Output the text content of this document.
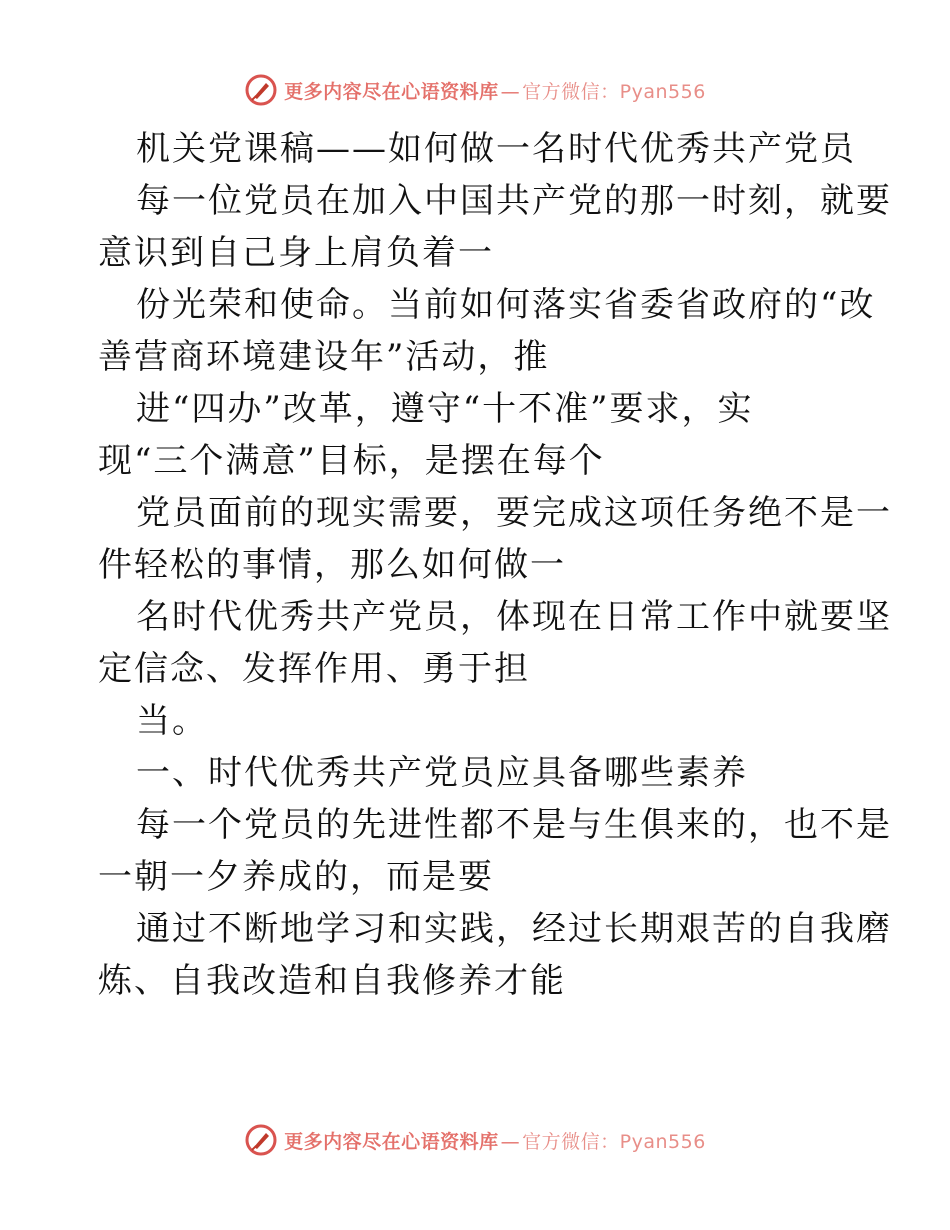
更多内容尽在心语资料库 — 官方微信：Pyan556
机关党课稿——如何做一名时代优秀共产党员
每一位党员在加入中国共产党的那一时刻，就要
意识到自己身上肩负着一
份光荣和使命。当前如何落实省委省政府的“改
善营商环境建设年”活动，推
进“四办”改革，遵守“十不准”要求，实
现“三个满意”目标，是摆在每个
党员面前的现实需要，要完成这项任务绝不是一
件轻松的事情，那么如何做一
名时代优秀共产党员，体现在日常工作中就要坚
定信念、发挥作用、勇于担
当。
一、时代优秀共产党员应具备哪些素养
每一个党员的先进性都不是与生俱来的，也不是
一朝一夕养成的，而是要
通过不断地学习和实践，经过长期艰苦的自我磨
炼、自我改造和自我修养才能
更多内容尽在心语资料库 — 官方微信：Pyan556
